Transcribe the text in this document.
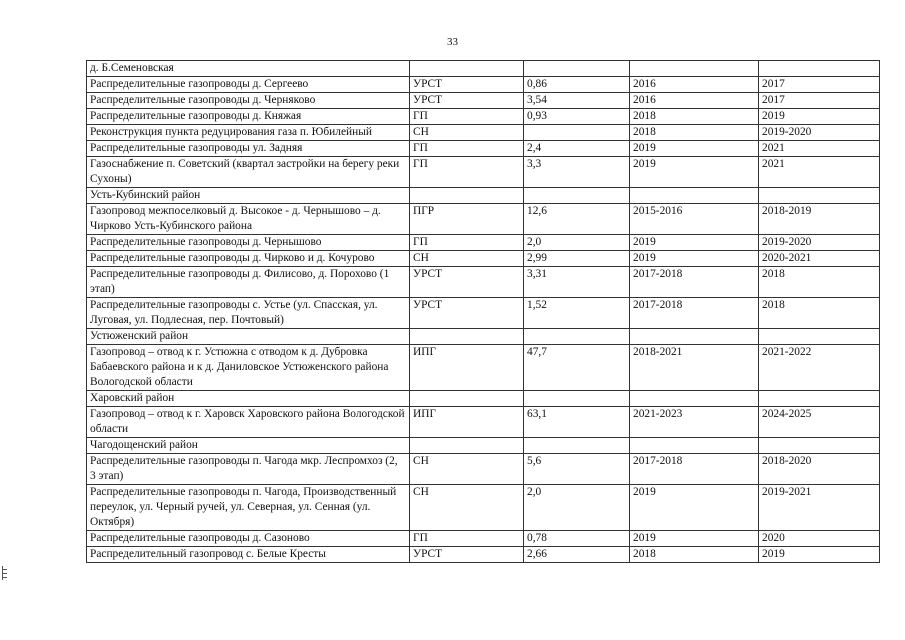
33
д. Б.Семеновская				
Распределительные газопроводы д. Сергеево	УРСТ	0,86	2016	2017
Распределительные газопроводы д. Черняково	УРСТ	3,54	2016	2017
Распределительные газопроводы д. Княжая	ГП	0,93	2018	2019
Реконструкция пункта редуцирования газа п. Юбилейный	СН		2018	2019-2020
Распределительные газопроводы ул. Задняя	ГП	2,4	2019	2021
Газоснабжение п. Советский (квартал застройки на берегу реки Сухоны)	ГП	3,3	2019	2021
Усть-Кубинский район				
Газопровод межпоселковый д. Высокое - д. Чернышово – д. Чирково Усть-Кубинского района	ПГР	12,6	2015-2016	2018-2019
Распределительные газопроводы д. Чернышово	ГП	2,0	2019	2019-2020
Распределительные газопроводы д. Чирково и д. Кочурово	СН	2,99	2019	2020-2021
Распределительные газопроводы д. Филисово, д. Порохово (1 этап)	УРСТ	3,31	2017-2018	2018
Распределительные газопроводы с. Устье (ул. Спасская, ул. Луговая, ул. Подлесная, пер. Почтовый)	УРСТ	1,52	2017-2018	2018
Устюженский район				
Газопровод – отвод к г. Устюжна с отводом к д. Дубровка Бабаевского района и к д. Даниловское Устюженского района Вологодской области	ИПГ	47,7	2018-2021	2021-2022
Харовский район				
Газопровод – отвод к г. Харовск Харовского района Вологодской области	ИПГ	63,1	2021-2023	2024-2025
Чагодощенский район				
Распределительные газопроводы п. Чагода мкр. Леспромхоз (2, 3 этап)	СН	5,6	2017-2018	2018-2020
Распределительные газопроводы п. Чагода, Производственный переулок, ул. Черный ручей, ул. Северная, ул. Сенная (ул. Октября)	СН	2,0	2019	2019-2021
Распределительные газопроводы д. Сазоново	ГП	0,78	2019	2020
Распределительный газопровод с. Белые Кресты	УРСТ	2,66	2018	2019
